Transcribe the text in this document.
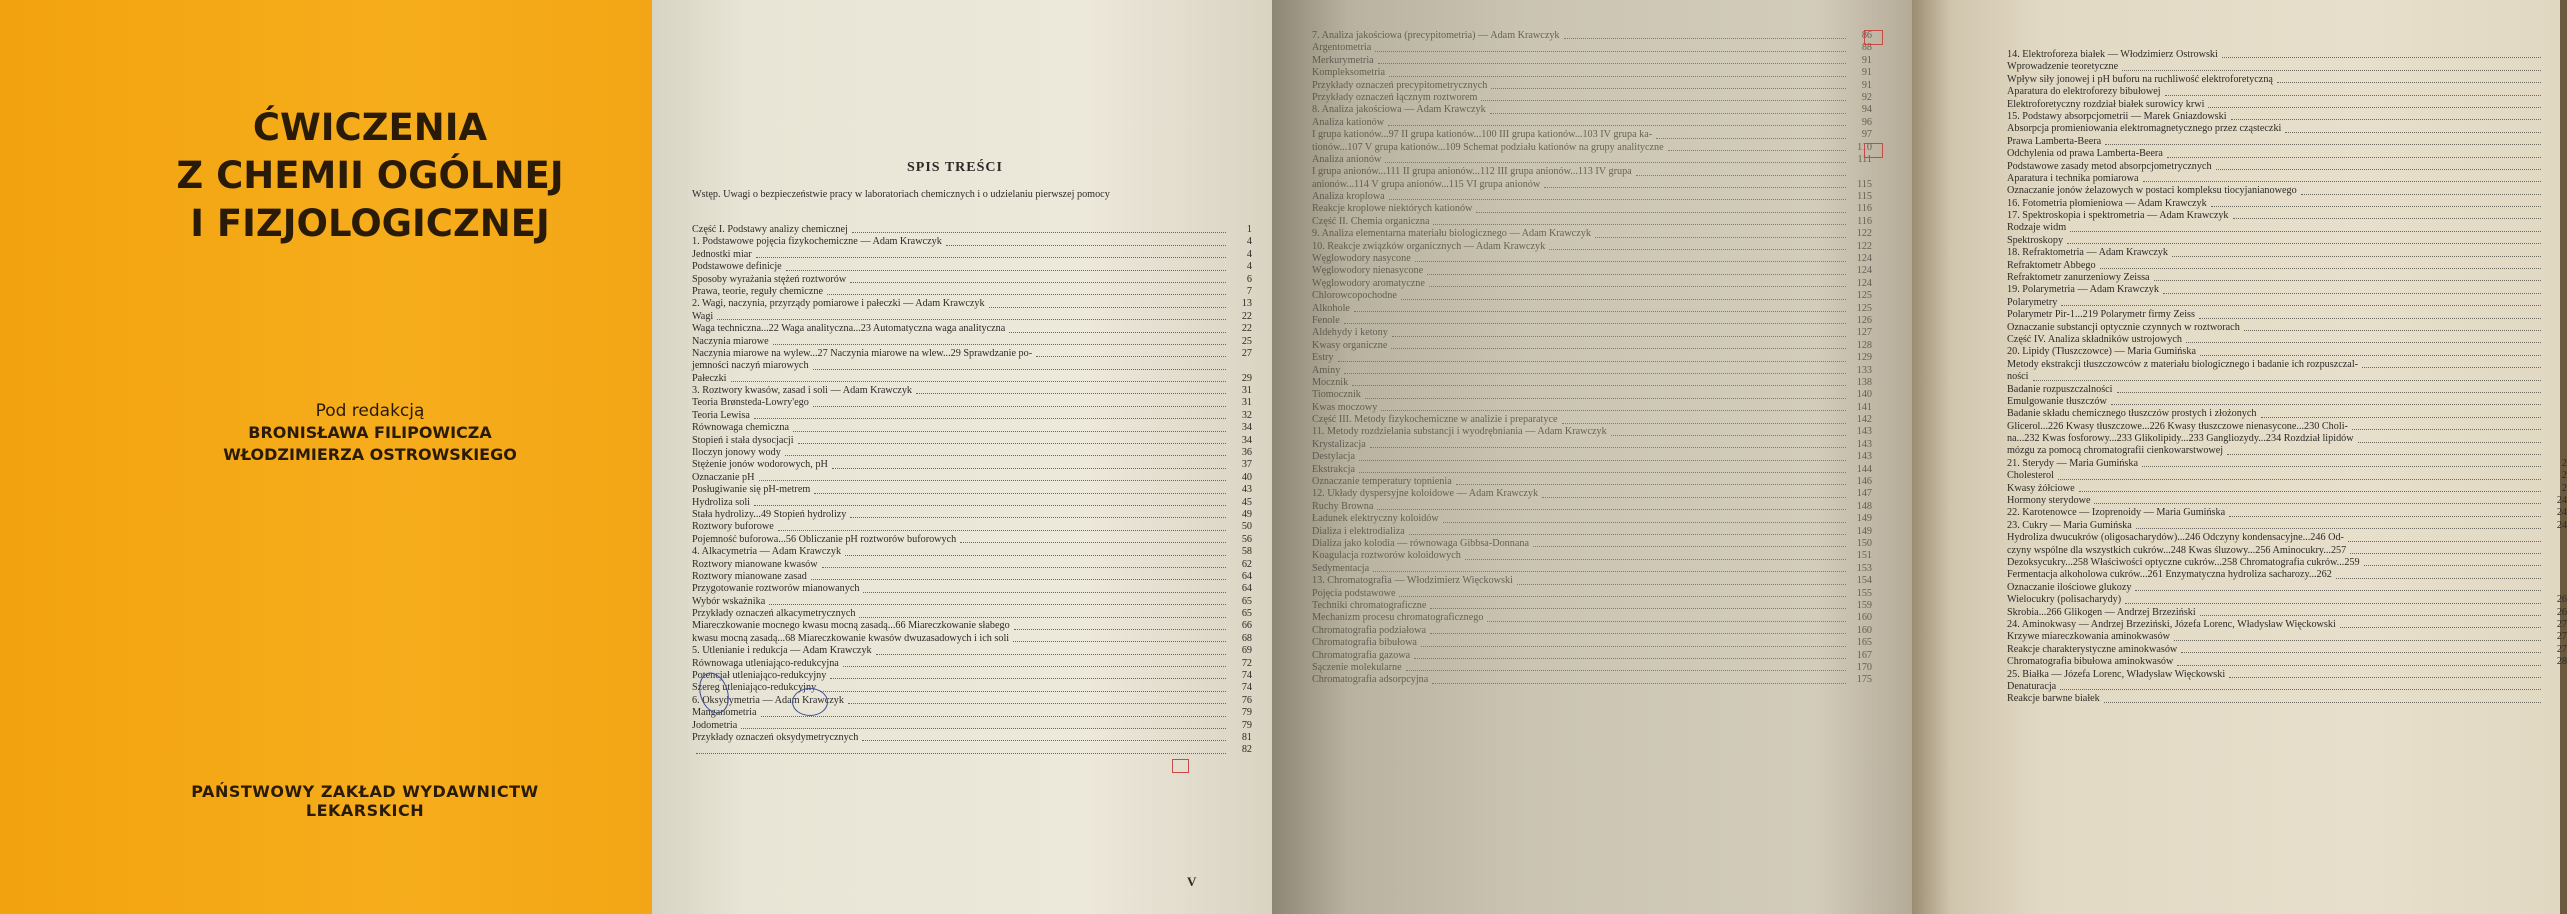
ĆWICZENIA
Z CHEMII OGÓLNEJ
I FIZJOLOGICZNEJ
Pod redakcją
BRONISŁAWA FILIPOWICZA
WŁODZIMIERZA OSTROWSKIEGO
PAŃSTWOWY ZAKŁAD WYDAWNICTW LEKARSKICH
SPIS TREŚCI
Wstęp. Uwagi o bezpieczeństwie pracy w laboratoriach chemicznych i o udzielaniu pierwszej pomocy
Część I. Podstawy analizy chemicznej	1
1. Podstawowe pojęcia fizykochemiczne — Adam Krawczyk	4
Jednostki miar	4
Podstawowe definicje	4
Sposoby wyrażania stężeń roztworów	6
Prawa, teorie, reguły chemiczne	7
2. Wagi, naczynia, przyrządy pomiarowe i pałeczki — Adam Krawczyk	13
Wagi	22
Waga techniczna...22 Waga analityczna...23 Automatyczna waga analityczna	22
Naczynia miarowe	25
Naczynia miarowe na wylew...27 Naczynia miarowe na wlew...29 Sprawdzanie po-	27
jemności naczyń miarowych
Pałeczki	29
3. Roztwory kwasów, zasad i soli — Adam Krawczyk	31
Teoria Brønsteda-Lowry'ego	31
Teoria Lewisa	32
Równowaga chemiczna	34
Stopień i stała dysocjacji	34
Iloczyn jonowy wody	36
Stężenie jonów wodorowych, pH	37
Oznaczanie pH	40
Posługiwanie się pH-metrem	43
Hydroliza soli	45
Stała hydrolizy...49 Stopień hydrolizy	49
Roztwory buforowe	50
Pojemność buforowa...56 Obliczanie pH roztworów buforowych	56
4. Alkacymetria — Adam Krawczyk	58
Roztwory mianowane kwasów	62
Roztwory mianowane zasad	64
Przygotowanie roztworów mianowanych	64
Wybór wskaźnika	65
Przykłady oznaczeń alkacymetrycznych	65
Miareczkowanie mocnego kwasu mocną zasadą...66 Miareczkowanie słabego	66
kwasu mocną zasadą...68 Miareczkowanie kwasów dwuzasadowych i ich soli	68
5. Utlenianie i redukcja — Adam Krawczyk	69
Równowaga utleniająco-redukcyjna	72
Potencjał utleniająco-redukcyjny	74
Szereg utleniająco-redukcyjny	74
6. Oksydymetria — Adam Krawczyk	76
Manganometria	79
Jodometria	79
Przykłady oznaczeń oksydymetrycznych	81
82
V
7. Analiza jakościowa (precypitometria) — Adam Krawczyk	86
Argentometria	88
Merkurymetria	91
Kompleksometria	91
Przykłady oznaczeń precypitometrycznych	91
Przykłady oznaczeń łącznym roztworem	92
8. Analiza jakościowa — Adam Krawczyk	94
Analiza kationów	96
I grupa kationów...97 II grupa kationów...100 III grupa kationów...103 IV grupa ka-	97
tionów...107 V grupa kationów...109 Schemat podziału kationów na grupy analityczne	110
Analiza anionów	111
I grupa anionów...111 II grupa anionów...112 III grupa anionów...113 IV grupa
anionów...114 V grupa anionów...115 VI grupa anionów	115
Analiza kroplowa	115
Reakcje kroplowe niektórych kationów	116
Część II. Chemia organiczna	116
9. Analiza elementarna materiału biologicznego — Adam Krawczyk	122
10. Reakcje związków organicznych — Adam Krawczyk	122
Węglowodory nasycone	124
Węglowodory nienasycone	124
Węglowodory aromatyczne	124
Chlorowcopochodne	125
Alkohole	125
Fenole	126
Aldehydy i ketony	127
Kwasy organiczne	128
Estry	129
Aminy	133
Mocznik	138
Tiomocznik	140
Kwas moczowy	141
Część III. Metody fizykochemiczne w analizie i preparatyce	142
11. Metody rozdzielania substancji i wyodrębniania — Adam Krawczyk	143
Krystalizacja	143
Destylacja	143
Ekstrakcja	144
Oznaczanie temperatury topnienia	146
12. Układy dyspersyjne koloidowe — Adam Krawczyk	147
Ruchy Browna	148
Ładunek elektryczny koloidów	149
Dializa i elektrodializa	149
Dializa jako kolodia — równowaga Gibbsa-Donnana	150
Koagulacja roztworów koloidowych	151
Sedymentacja	153
13. Chromatografia — Włodzimierz Więckowski	154
Pojęcia podstawowe	155
Techniki chromatograficzne	159
Mechanizm procesu chromatograficznego	160
Chromatografia podziałowa	160
Chromatografia bibułowa	165
Chromatografia gazowa	167
Sączenie molekularne	170
Chromatografia adsorpcyjna	175
14. Elektroforeza białek — Włodzimierz Ostrowski
Wprowadzenie teoretyczne
Wpływ siły jonowej i pH buforu na ruchliwość elektroforetyczną
Aparatura do elektroforezy bibułowej
Elektroforetyczny rozdział białek surowicy krwi
15. Podstawy absorpcjometrii — Marek Gniazdowski
Absorpcja promieniowania elektromagnetycznego przez cząsteczki
Prawa Lamberta-Beera
Odchylenia od prawa Lamberta-Beera
Podstawowe zasady metod absorpcjometrycznych
Aparatura i technika pomiarowa
Oznaczanie jonów żelazowych w postaci kompleksu tiocyjanianowego
16. Fotometria płomieniowa — Adam Krawczyk
17. Spektroskopia i spektrometria — Adam Krawczyk
Rodzaje widm
Spektroskopy
18. Refraktometria — Adam Krawczyk
Refraktometr Abbego
Refraktometr zanurzeniowy Zeissa
19. Polarymetria — Adam Krawczyk
Polarymetry
Polarymetr Pir-1...219 Polarymetr firmy Zeiss
Oznaczanie substancji optycznie czynnych w roztworach
Część IV. Analiza składników ustrojowych
20. Lipidy (Tłuszczowce) — Maria Gumińska
Metody ekstrakcji tłuszczowców z materiału biologicznego i badanie ich rozpuszczal-
ności
Badanie rozpuszczalności
Emulgowanie tłuszczów
Badanie składu chemicznego tłuszczów prostych i złożonych
Glicerol...226 Kwasy tłuszczowe...226 Kwasy tłuszczowe nienasycone...230 Choli-
na...232 Kwas fosforowy...233 Glikolipidy...233 Gangliozydy...234 Rozdział lipidów
mózgu za pomocą chromatografii cienkowarstwowej
21. Sterydy — Maria Gumińska	2
Cholesterol	2
Kwasy żółciowe	2
Hormony sterydowe	24
22. Karotenowce — Izoprenoidy — Maria Gumińska	24
23. Cukry — Maria Gumińska	24
Hydroliza dwucukrów (oligosacharydów)...246 Odczyny kondensacyjne...246 Od-
czyny wspólne dla wszystkich cukrów...248 Kwas śluzowy...256 Aminocukry...257
Dezoksycukry...258 Właściwości optyczne cukrów...258 Chromatografia cukrów...259
Fermentacja alkoholowa cukrów...261 Enzymatyczna hydroliza sacharozy...262
Oznaczanie ilościowe glukozy
Wielocukry (polisacharydy)	26
Skrobia...266 Glikogen — Andrzej Brzeziński	26
24. Aminokwasy — Andrzej Brzeziński, Józefa Lorenc, Władysław Więckowski	27
Krzywe miareczkowania aminokwasów	27
Reakcje charakterystyczne aminokwasów	27
Chromatografia bibułowa aminokwasów	28
25. Białka — Józefa Lorenc, Władysław Więckowski
Denaturacja
Reakcje barwne białek
